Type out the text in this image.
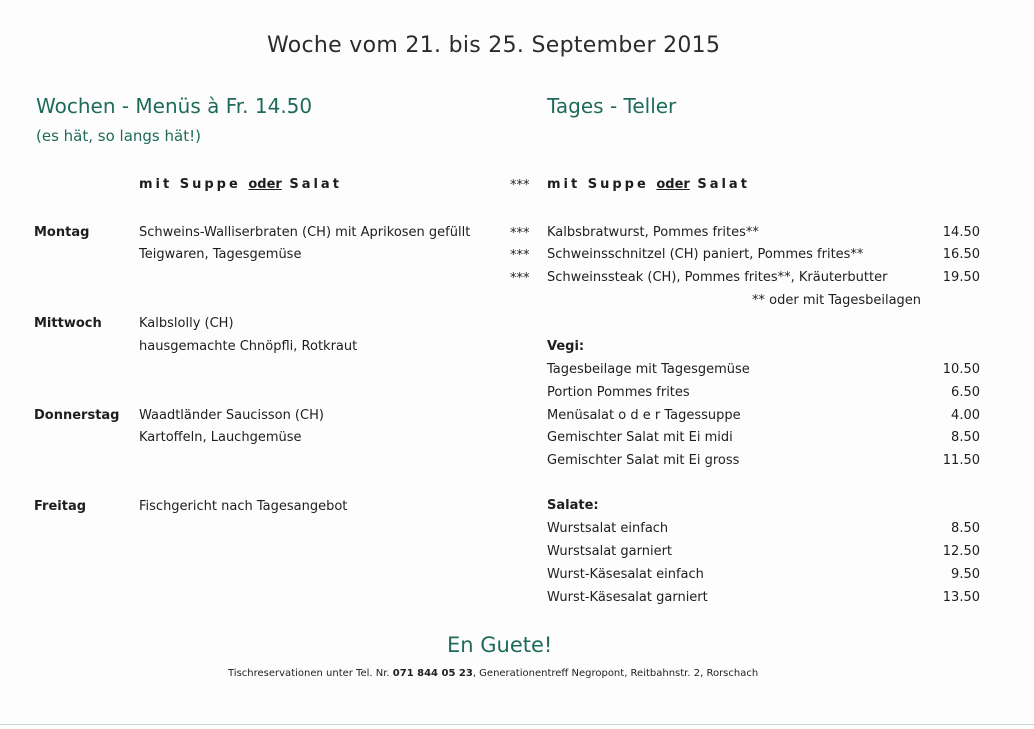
Woche vom 21. bis 25. September 2015
Wochen - Menüs à Fr. 14.50
(es hät, so langs hät!)
mit Suppe oder Salat
Montag	Schweins-Walliserbraten (CH) mit Aprikosen gefüllt
Teigwaren, Tagesgemüse
Mittwoch	Kalbslolly (CH)
hausgemachte Chnöpfli, Rotkraut
Donnerstag Waadtländer Saucisson (CH)
Kartoffeln, Lauchgemüse
Freitag	Fischgericht nach Tagesangebot
Tages - Teller
*** mit Suppe oder Salat
*** Kalbsbratwurst, Pommes frites**	14.50
*** Schweinsschnitzel (CH) paniert, Pommes frites**	16.50
*** Schweinssteak (CH), Pommes frites**, Kräuterbutter	19.50
** oder mit Tagesbeilagen
Vegi:
Tagesbeilage mit Tagesgemüse	10.50
Portion Pommes frites	6.50
Menüsalat o d e r Tagessuppe	4.00
Gemischter Salat mit Ei midi	8.50
Gemischter Salat mit Ei gross	11.50
Salate:
Wurstsalat einfach	8.50
Wurstsalat garniert	12.50
Wurst-Käsesalat einfach	9.50
Wurst-Käsesalat garniert	13.50
En Guete!
Tischreservationen unter Tel. Nr. 071 844 05 23, Generationentreff Negropont, Reitbahnstr. 2, Rorschach
